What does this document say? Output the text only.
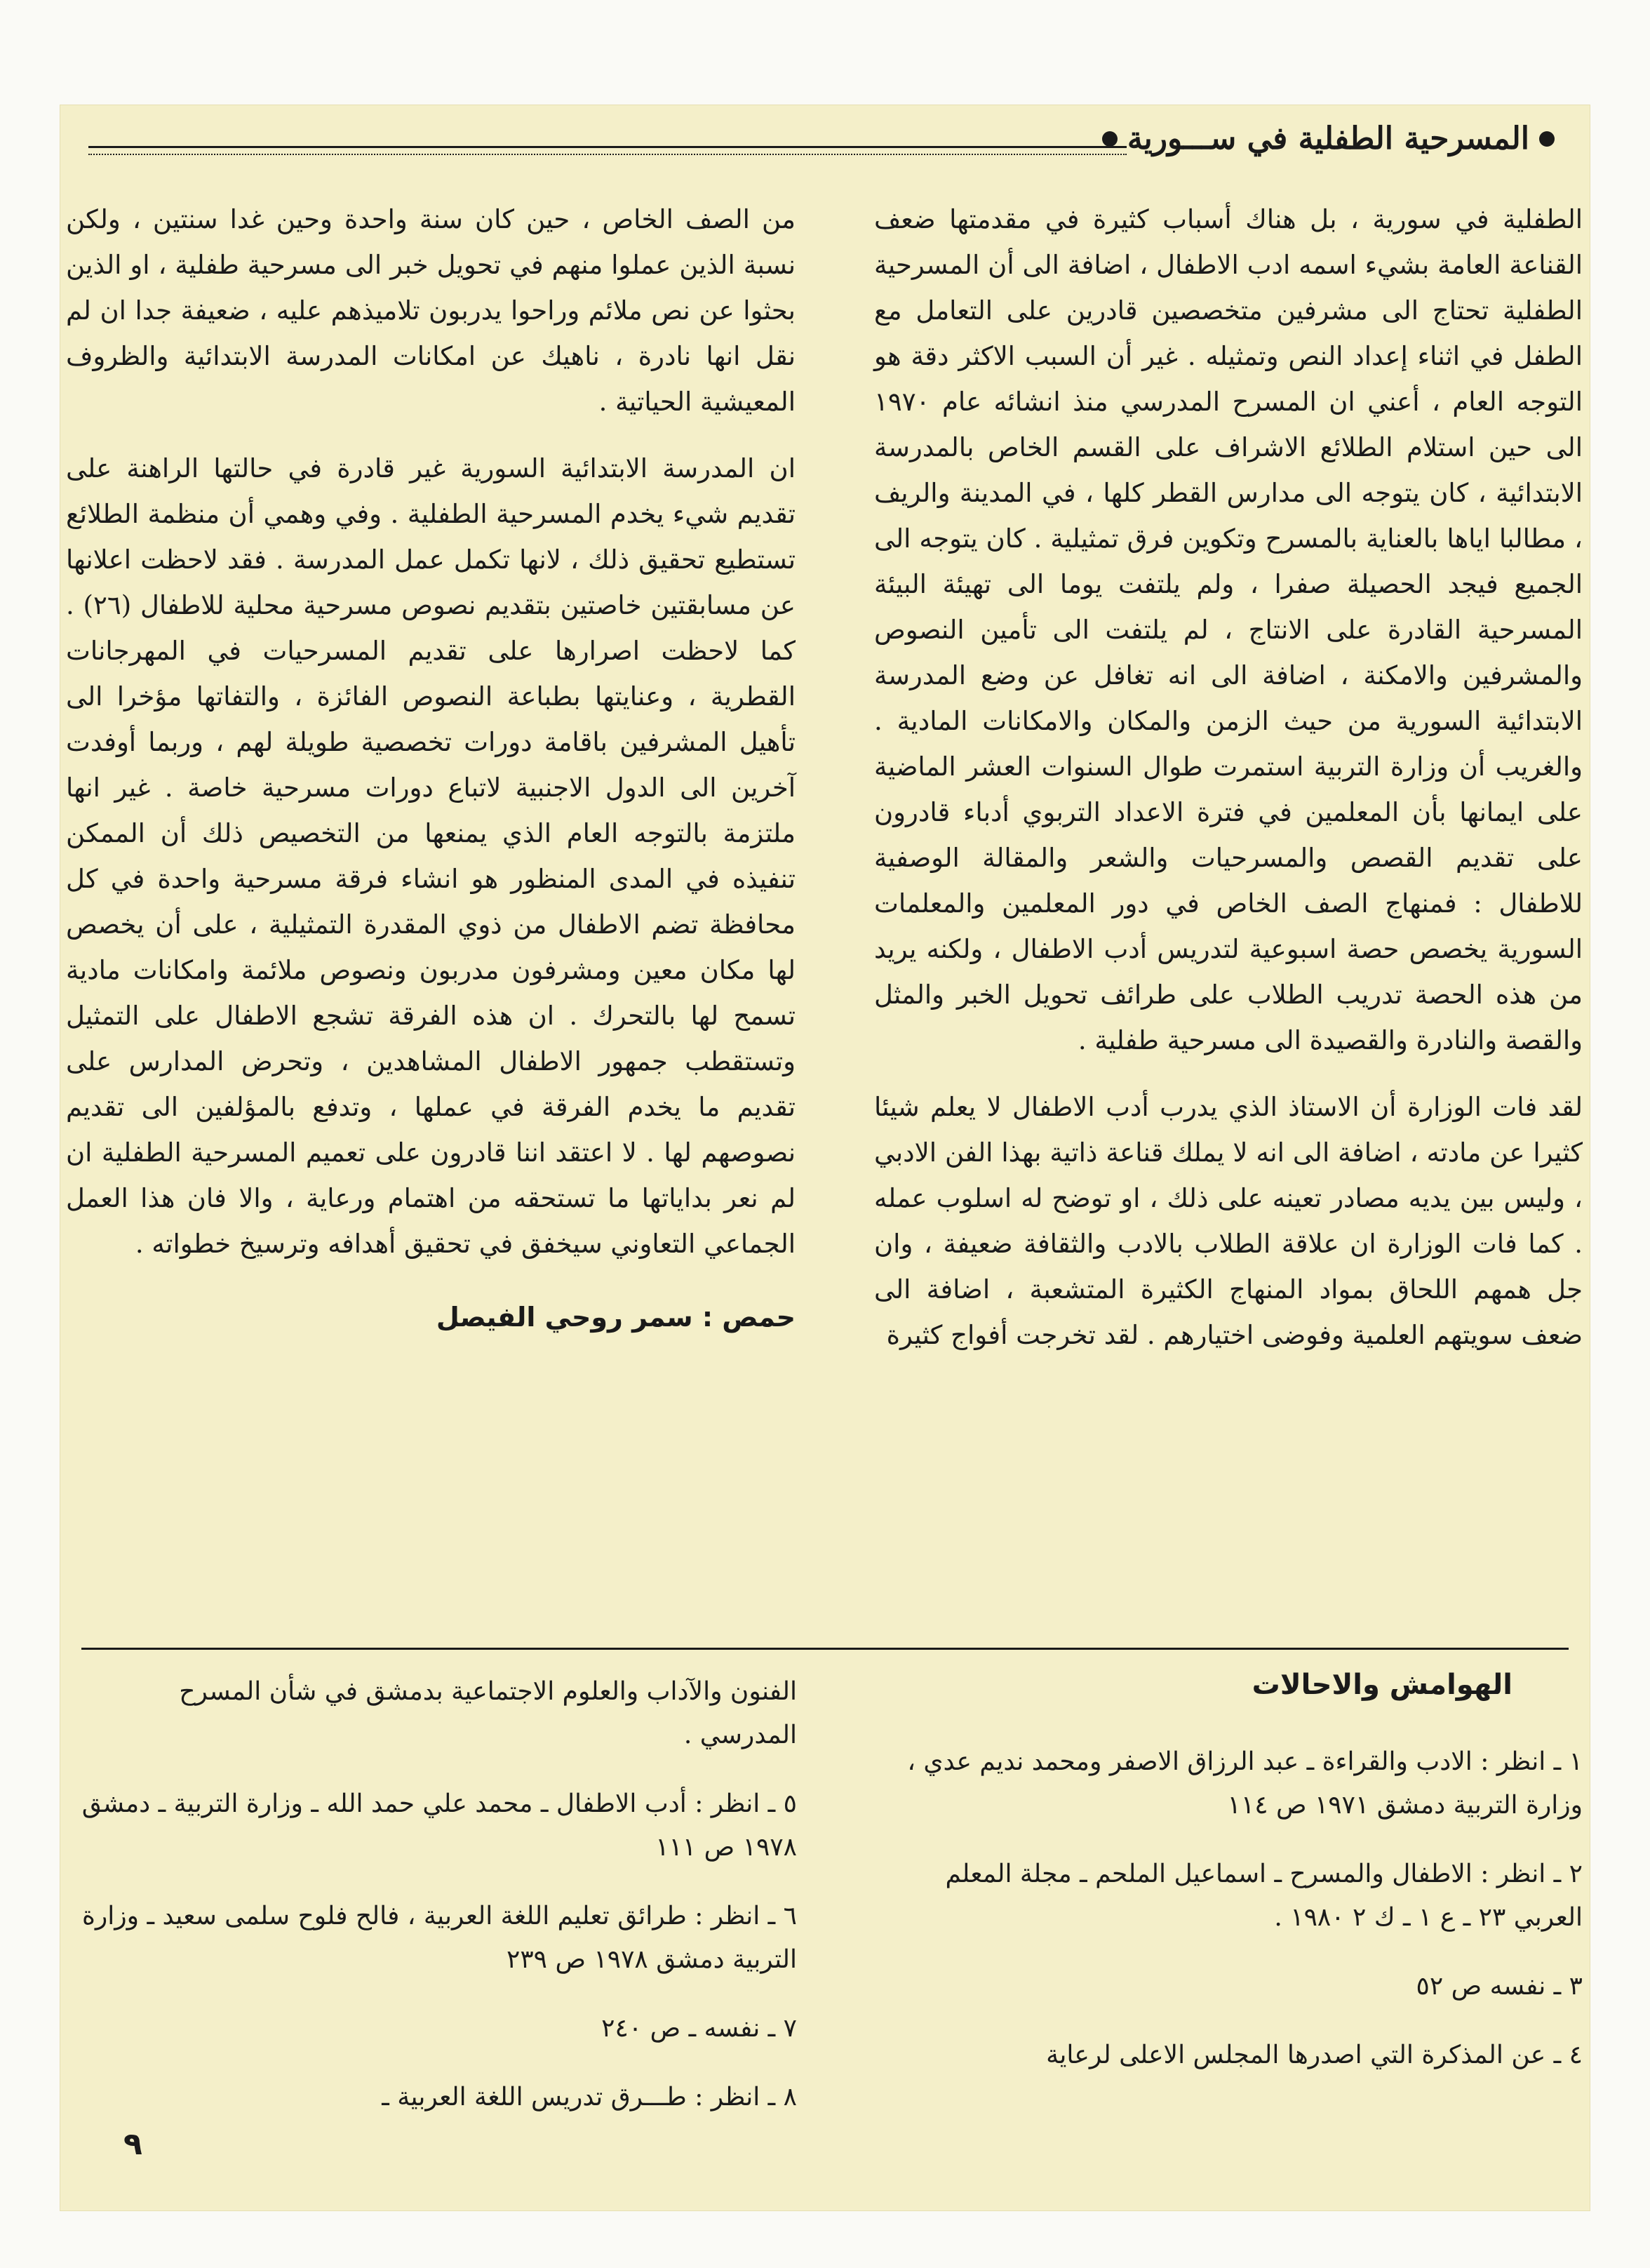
المسرحية الطفلية في ســـورية

الطفلية في سورية ، بل هناك أسباب كثيرة في مقدمتها ضعف القناعة العامة بشيء اسمه ادب الاطفال ، اضافة الى أن المسرحية الطفلية تحتاج الى مشرفين متخصصين قادرين على التعامل مع الطفل في اثناء إعداد النص وتمثيله . غير أن السبب الاكثر دقة هو التوجه العام ، أعني ان المسرح المدرسي منذ انشائه عام ١٩٧٠ الى حين استلام الطلائع الاشراف على القسم الخاص بالمدرسة الابتدائية ، كان يتوجه الى مدارس القطر كلها ، في المدينة والريف ، مطالبا اياها بالعناية بالمسرح وتكوين فرق تمثيلية . كان يتوجه الى الجميع فيجد الحصيلة صفرا ، ولم يلتفت يوما الى تهيئة البيئة المسرحية القادرة على الانتاج ، لم يلتفت الى تأمين النصوص والمشرفين والامكنة ، اضافة الى انه تغافل عن وضع المدرسة الابتدائية السورية من حيث الزمن والمكان والامكانات المادية . والغريب أن وزارة التربية استمرت طوال السنوات العشر الماضية على ايمانها بأن المعلمين في فترة الاعداد التربوي أدباء قادرون على تقديم القصص والمسرحيات والشعر والمقالة الوصفية للاطفال : فمنهاج الصف الخاص في دور المعلمين والمعلمات السورية يخصص حصة اسبوعية لتدريس أدب الاطفال ، ولكنه يريد من هذه الحصة تدريب الطلاب على طرائف تحويل الخبر والمثل والقصة والنادرة والقصيدة الى مسرحية طفلية .

لقد فات الوزارة أن الاستاذ الذي يدرب أدب الاطفال لا يعلم شيئا كثيرا عن مادته ، اضافة الى انه لا يملك قناعة ذاتية بهذا الفن الادبي ، وليس بين يديه مصادر تعينه على ذلك ، او توضح له اسلوب عمله . كما فات الوزارة ان علاقة الطلاب بالادب والثقافة ضعيفة ، وان جل همهم اللحاق بمواد المنهاج الكثيرة المتشعبة ، اضافة الى ضعف سويتهم العلمية وفوضى اختيارهم . لقد تخرجت أفواج كثيرة

من الصف الخاص ، حين كان سنة واحدة وحين غدا سنتين ، ولكن نسبة الذين عملوا منهم في تحويل خبر الى مسرحية طفلية ، او الذين بحثوا عن نص ملائم وراحوا يدربون تلاميذهم عليه ، ضعيفة جدا ان لم نقل انها نادرة ، ناهيك عن امكانات المدرسة الابتدائية والظروف المعيشية الحياتية .

ان المدرسة الابتدائية السورية غير قادرة في حالتها الراهنة على تقديم شيء يخدم المسرحية الطفلية . وفي وهمي أن منظمة الطلائع تستطيع تحقيق ذلك ، لانها تكمل عمل المدرسة . فقد لاحظت اعلانها عن مسابقتين خاصتين بتقديم نصوص مسرحية محلية للاطفال (٢٦) . كما لاحظت اصرارها على تقديم المسرحيات في المهرجانات القطرية ، وعنايتها بطباعة النصوص الفائزة ، والتفاتها مؤخرا الى تأهيل المشرفين باقامة دورات تخصصية طويلة لهم ، وربما أوفدت آخرين الى الدول الاجنبية لاتباع دورات مسرحية خاصة . غير انها ملتزمة بالتوجه العام الذي يمنعها من التخصيص ذلك أن الممكن تنفيذه في المدى المنظور هو انشاء فرقة مسرحية واحدة في كل محافظة تضم الاطفال من ذوي المقدرة التمثيلية ، على أن يخصص لها مكان معين ومشرفون مدربون ونصوص ملائمة وامكانات مادية تسمح لها بالتحرك . ان هذه الفرقة تشجع الاطفال على التمثيل وتستقطب جمهور الاطفال المشاهدين ، وتحرض المدارس على تقديم ما يخدم الفرقة في عملها ، وتدفع بالمؤلفين الى تقديم نصوصهم لها . لا اعتقد اننا قادرون على تعميم المسرحية الطفلية ان لم نعر بداياتها ما تستحقه من اهتمام ورعاية ، والا فان هذا العمل الجماعي التعاوني سيخفق في تحقيق أهدافه وترسيخ خطواته .

حمص : سمر روحي الفيصل
الهوامش والاحالات

١ ـ انظر : الادب والقراءة ـ عبد الرزاق الاصفر ومحمد نديم عدي ، وزارة التربية دمشق ١٩٧١ ص ١١٤

٢ ـ انظر : الاطفال والمسرح ـ اسماعيل الملحم ـ مجلة المعلم العربي ٢٣ ـ ع ١ ـ ك ٢ ١٩٨٠ .

٣ ـ نفسه ص ٥٢

٤ ـ عن المذكرة التي اصدرها المجلس الاعلى لرعاية

الفنون والآداب والعلوم الاجتماعية بدمشق في شأن المسرح المدرسي .

٥ ـ انظر : أدب الاطفال ـ محمد علي حمد الله ـ وزارة التربية ـ دمشق ١٩٧٨ ص ١١١

٦ ـ انظر : طرائق تعليم اللغة العربية ، فالح فلوح سلمى سعيد ـ وزارة التربية دمشق ١٩٧٨ ص ٢٣٩

٧ ـ نفسه ـ ص ٢٤٠

٨ ـ انظر : طـــرق تدريس اللغة العربية ـ

٩
